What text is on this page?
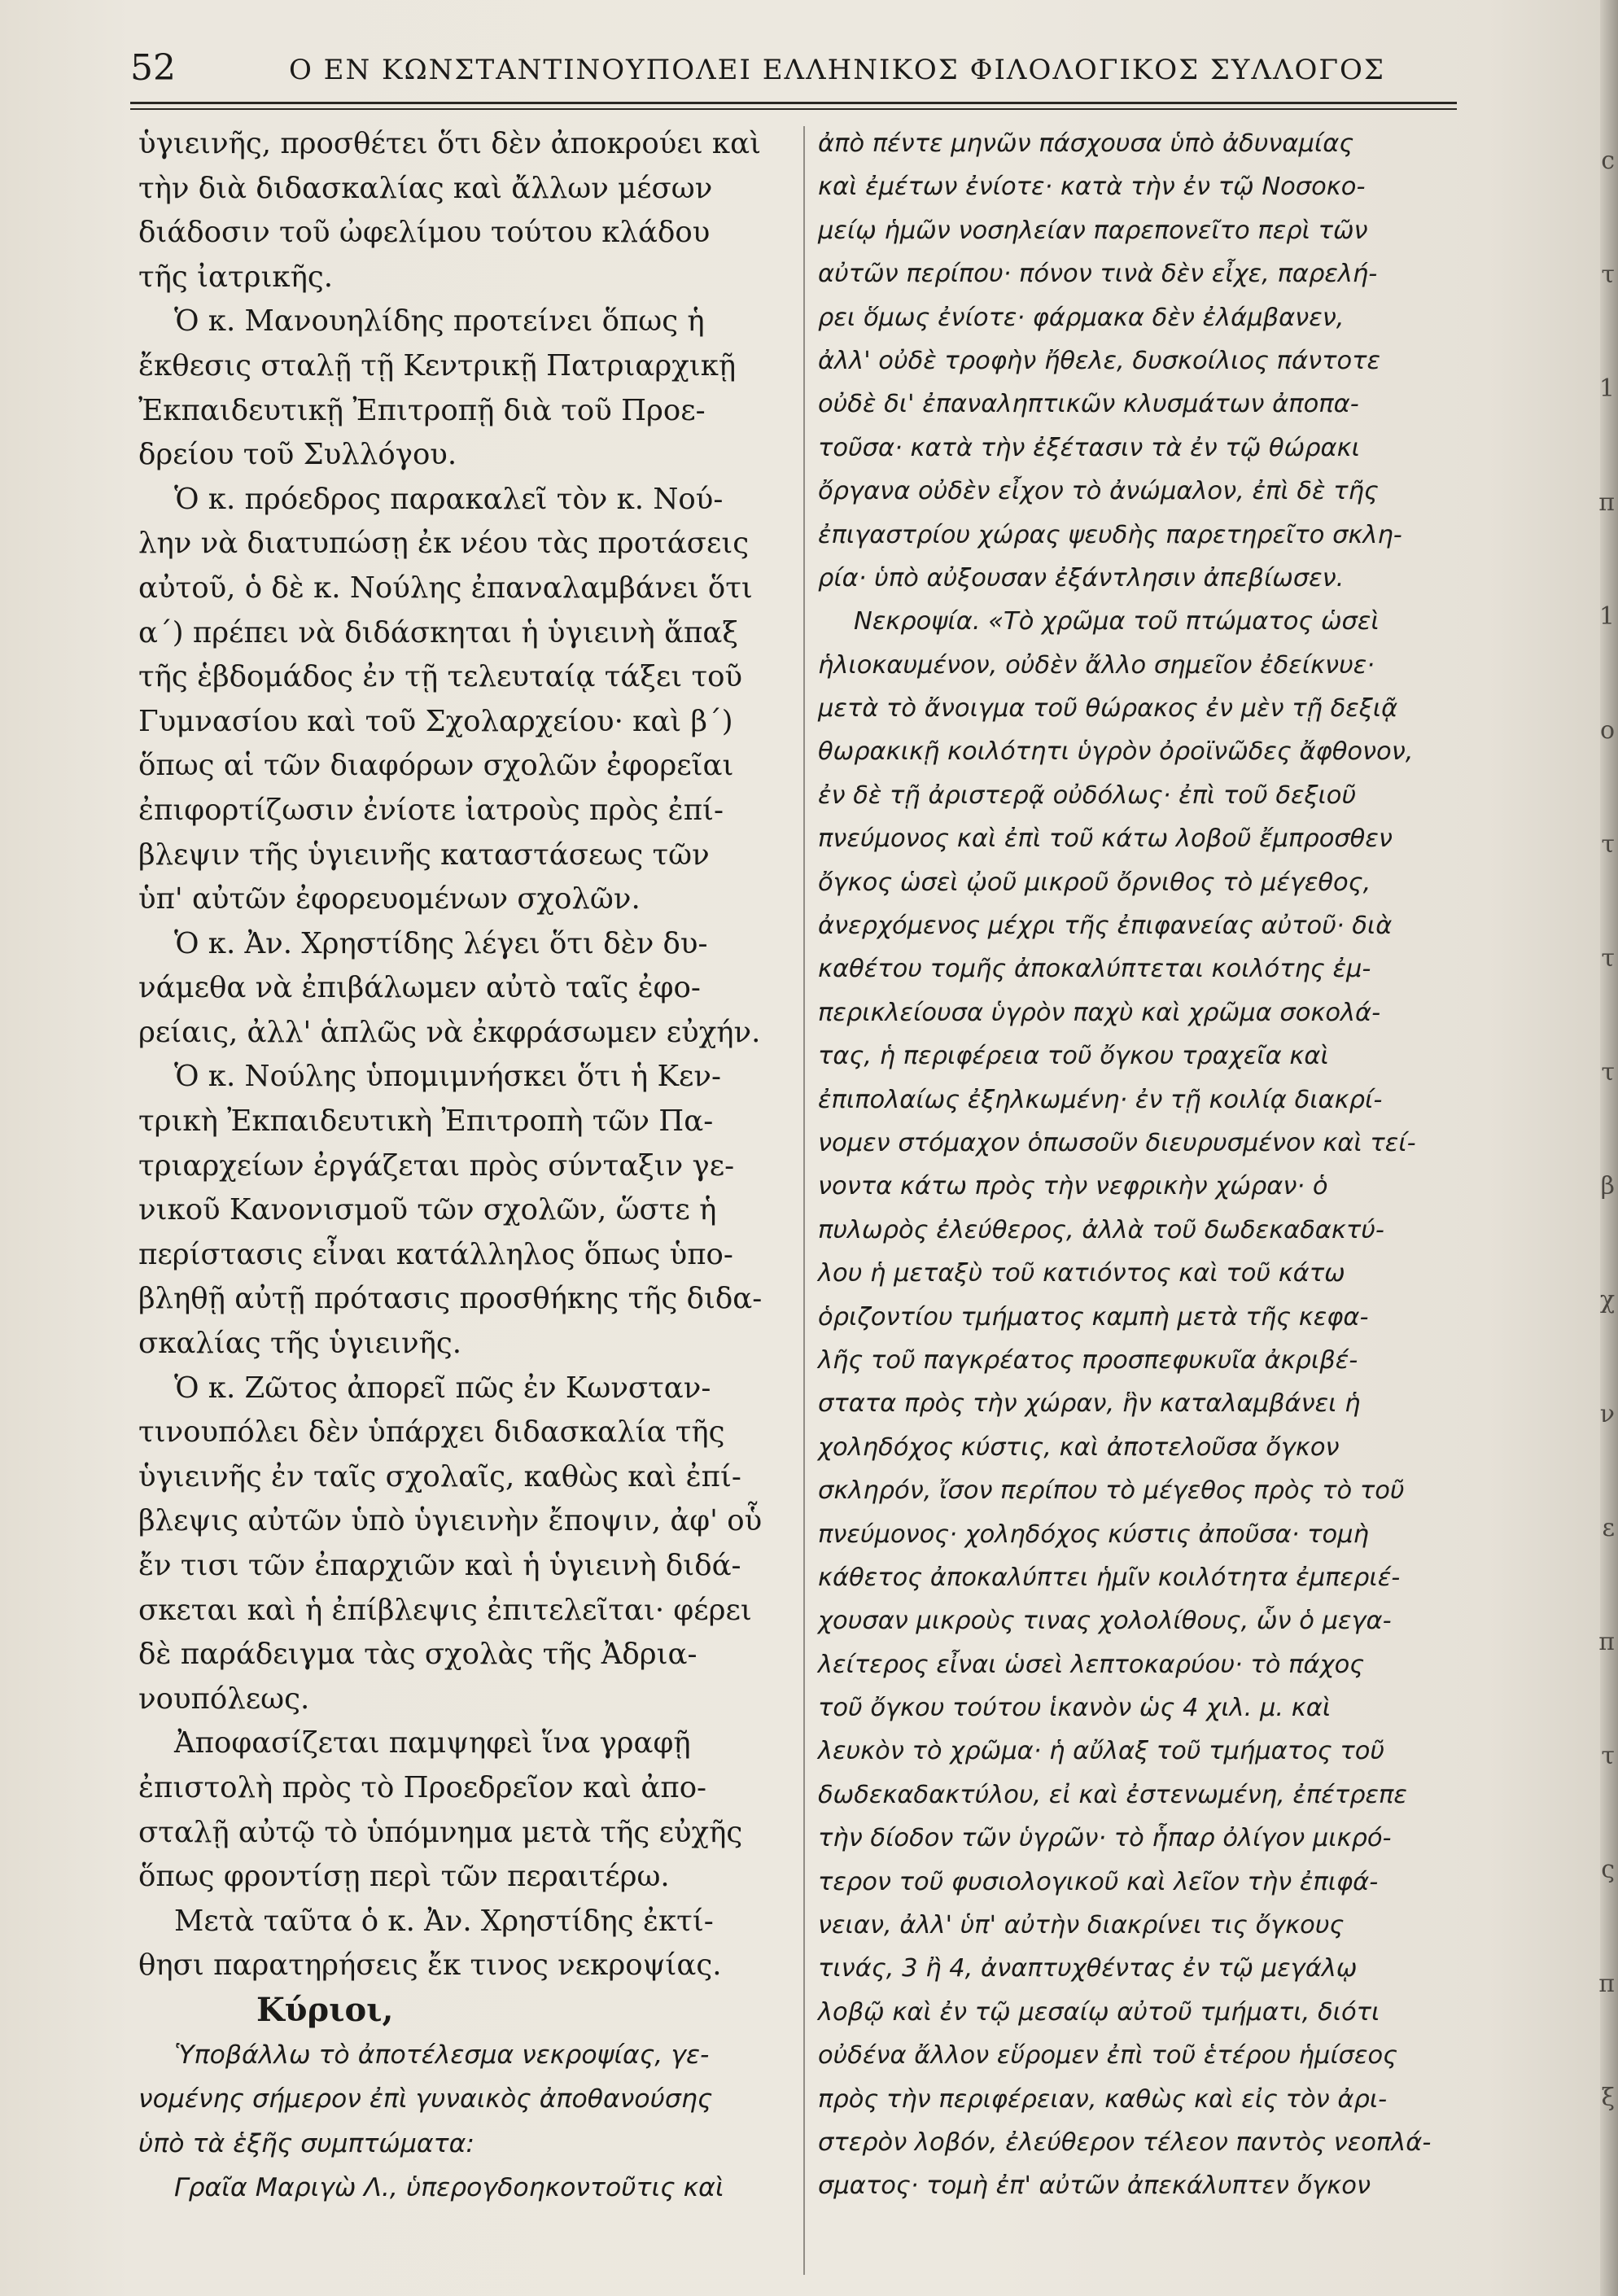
c
τ
1
π
1
ο
τ
τ
τ
β
χ
ν
ε
π
τ
ς
π
ξ
52	Ο ΕΝ ΚΩΝΣΤΑΝΤΙΝΟΥΠΟΛΕΙ ΕΛΛΗΝΙΚΟΣ ΦΙΛΟΛΟΓΙΚΟΣ ΣΥΛΛΟΓΟΣ
ὑγιεινῆς, προσθέτει ὅτι δὲν ἀποκρούει καὶ
τὴν διὰ διδασκαλίας καὶ ἄλλων μέσων
διάδοσιν τοῦ ὠφελίμου τούτου κλάδου
τῆς ἰατρικῆς.
Ὁ κ. Μανουηλίδης προτείνει ὅπως ἡ
ἔκθεσις σταλῇ τῇ Κεντρικῇ Πατριαρχικῇ
Ἐκπαιδευτικῇ Ἐπιτροπῇ διὰ τοῦ Προε-
δρείου τοῦ Συλλόγου.
Ὁ κ. πρόεδρος παρακαλεῖ τὸν κ. Νού-
λην νὰ διατυπώσῃ ἐκ νέου τὰς προτάσεις
αὐτοῦ, ὁ δὲ κ. Νούλης ἐπαναλαμβάνει ὅτι
α΄) πρέπει νὰ διδάσκηται ἡ ὑγιεινὴ ἅπαξ
τῆς ἑβδομάδος ἐν τῇ τελευταίᾳ τάξει τοῦ
Γυμνασίου καὶ τοῦ Σχολαρχείου· καὶ β΄)
ὅπως αἱ τῶν διαφόρων σχολῶν ἐφορεῖαι
ἐπιφορτίζωσιν ἐνίοτε ἰατροὺς πρὸς ἐπί-
βλεψιν τῆς ὑγιεινῆς καταστάσεως τῶν
ὑπ' αὐτῶν ἐφορευομένων σχολῶν.
Ὁ κ. Ἀν. Χρηστίδης λέγει ὅτι δὲν δυ-
νάμεθα νὰ ἐπιβάλωμεν αὐτὸ ταῖς ἐφο-
ρείαις, ἀλλ' ἁπλῶς νὰ ἐκφράσωμεν εὐχήν.
Ὁ κ. Νούλης ὑπομιμνήσκει ὅτι ἡ Κεν-
τρικὴ Ἐκπαιδευτικὴ Ἐπιτροπὴ τῶν Πα-
τριαρχείων ἐργάζεται πρὸς σύνταξιν γε-
νικοῦ Κανονισμοῦ τῶν σχολῶν, ὥστε ἡ
περίστασις εἶναι κατάλληλος ὅπως ὑπο-
βληθῇ αὐτῇ πρότασις προσθήκης τῆς διδα-
σκαλίας τῆς ὑγιεινῆς.
Ὁ κ. Ζῶτος ἀπορεῖ πῶς ἐν Κωνσταν-
τινουπόλει δὲν ὑπάρχει διδασκαλία τῆς
ὑγιεινῆς ἐν ταῖς σχολαῖς, καθὼς καὶ ἐπί-
βλεψις αὐτῶν ὑπὸ ὑγιεινὴν ἔποψιν, ἀφ' οὗ
ἔν τισι τῶν ἐπαρχιῶν καὶ ἡ ὑγιεινὴ διδά-
σκεται καὶ ἡ ἐπίβλεψις ἐπιτελεῖται· φέρει
δὲ παράδειγμα τὰς σχολὰς τῆς Ἀδρια-
νουπόλεως.
Ἀποφασίζεται παμψηφεὶ ἵνα γραφῇ
ἐπιστολὴ πρὸς τὸ Προεδρεῖον καὶ ἀπο-
σταλῇ αὐτῷ τὸ ὑπόμνημα μετὰ τῆς εὐχῆς
ὅπως φροντίσῃ περὶ τῶν περαιτέρω.
Μετὰ ταῦτα ὁ κ. Ἀν. Χρηστίδης ἐκτί-
θησι παρατηρήσεις ἔκ τινος νεκροψίας.
Κύριοι,
Ὑποβάλλω τὸ ἀποτέλεσμα νεκροψίας, γε-
νομένης σήμερον ἐπὶ γυναικὸς ἀποθανούσης
ὑπὸ τὰ ἑξῆς συμπτώματα:
Γραῖα Μαριγὼ Λ., ὑπερογδοηκοντοῦτις καὶ
ἀπὸ πέντε μηνῶν πάσχουσα ὑπὸ ἀδυναμίας
καὶ ἐμέτων ἐνίοτε· κατὰ τὴν ἐν τῷ Νοσοκο-
μείῳ ἡμῶν νοσηλείαν παρεπονεῖτο περὶ τῶν
αὐτῶν περίπου· πόνον τινὰ δὲν εἶχε, παρελή-
ρει ὅμως ἐνίοτε· φάρμακα δὲν ἐλάμβανεν,
ἀλλ' οὐδὲ τροφὴν ἤθελε, δυσκοίλιος πάντοτε
οὐδὲ δι' ἐπαναληπτικῶν κλυσμάτων ἀποπα-
τοῦσα· κατὰ τὴν ἐξέτασιν τὰ ἐν τῷ θώρακι
ὄργανα οὐδὲν εἶχον τὸ ἀνώμαλον, ἐπὶ δὲ τῆς
ἐπιγαστρίου χώρας ψευδὴς παρετηρεῖτο σκλη-
ρία· ὑπὸ αὐξουσαν ἐξάντλησιν ἀπεβίωσεν.
Νεκροψία. «Τὸ χρῶμα τοῦ πτώματος ὡσεὶ
ἡλιοκαυμένον, οὐδὲν ἄλλο σημεῖον ἐδείκνυε·
μετὰ τὸ ἄνοιγμα τοῦ θώρακος ἐν μὲν τῇ δεξιᾷ
θωρακικῇ κοιλότητι ὑγρὸν ὀροϊνῶδες ἄφθονον,
ἐν δὲ τῇ ἀριστερᾷ οὐδόλως· ἐπὶ τοῦ δεξιοῦ
πνεύμονος καὶ ἐπὶ τοῦ κάτω λοβοῦ ἔμπροσθεν
ὄγκος ὡσεὶ ᾠοῦ μικροῦ ὄρνιθος τὸ μέγεθος,
ἀνερχόμενος μέχρι τῆς ἐπιφανείας αὐτοῦ· διὰ
καθέτου τομῆς ἀποκαλύπτεται κοιλότης ἐμ-
περικλείουσα ὑγρὸν παχὺ καὶ χρῶμα σοκολά-
τας, ἡ περιφέρεια τοῦ ὄγκου τραχεῖα καὶ
ἐπιπολαίως ἐξηλκωμένη· ἐν τῇ κοιλίᾳ διακρί-
νομεν στόμαχον ὁπωσοῦν διευρυσμένον καὶ τεί-
νοντα κάτω πρὸς τὴν νεφρικὴν χώραν· ὁ
πυλωρὸς ἐλεύθερος, ἀλλὰ τοῦ δωδεκαδακτύ-
λου ἡ μεταξὺ τοῦ κατιόντος καὶ τοῦ κάτω
ὁριζοντίου τμήματος καμπὴ μετὰ τῆς κεφα-
λῆς τοῦ παγκρέατος προσπεφυκυῖα ἀκριβέ-
στατα πρὸς τὴν χώραν, ἣν καταλαμβάνει ἡ
χοληδόχος κύστις, καὶ ἀποτελοῦσα ὄγκον
σκληρόν, ἴσον περίπου τὸ μέγεθος πρὸς τὸ τοῦ
πνεύμονος· χοληδόχος κύστις ἀποῦσα· τομὴ
κάθετος ἀποκαλύπτει ἡμῖν κοιλότητα ἐμπεριέ-
χουσαν μικροὺς τινας χολολίθους, ὧν ὁ μεγα-
λείτερος εἶναι ὡσεὶ λεπτοκαρύου· τὸ πάχος
τοῦ ὄγκου τούτου ἱκανὸν ὡς 4 χιλ. μ. καὶ
λευκὸν τὸ χρῶμα· ἡ αὔλαξ τοῦ τμήματος τοῦ
δωδεκαδακτύλου, εἰ καὶ ἐστενωμένη, ἐπέτρεπε
τὴν δίοδον τῶν ὑγρῶν· τὸ ἧπαρ ὀλίγον μικρό-
τερον τοῦ φυσιολογικοῦ καὶ λεῖον τὴν ἐπιφά-
νειαν, ἀλλ' ὑπ' αὐτὴν διακρίνει τις ὄγκους
τινάς, 3 ἢ 4, ἀναπτυχθέντας ἐν τῷ μεγάλῳ
λοβῷ καὶ ἐν τῷ μεσαίῳ αὐτοῦ τμήματι, διότι
οὐδένα ἄλλον εὕρομεν ἐπὶ τοῦ ἑτέρου ἡμίσεος
πρὸς τὴν περιφέρειαν, καθὼς καὶ εἰς τὸν ἀρι-
στερὸν λοβόν, ἐλεύθερον τέλεον παντὸς νεοπλά-
σματος· τομὴ ἐπ' αὐτῶν ἀπεκάλυπτεν ὄγκον
